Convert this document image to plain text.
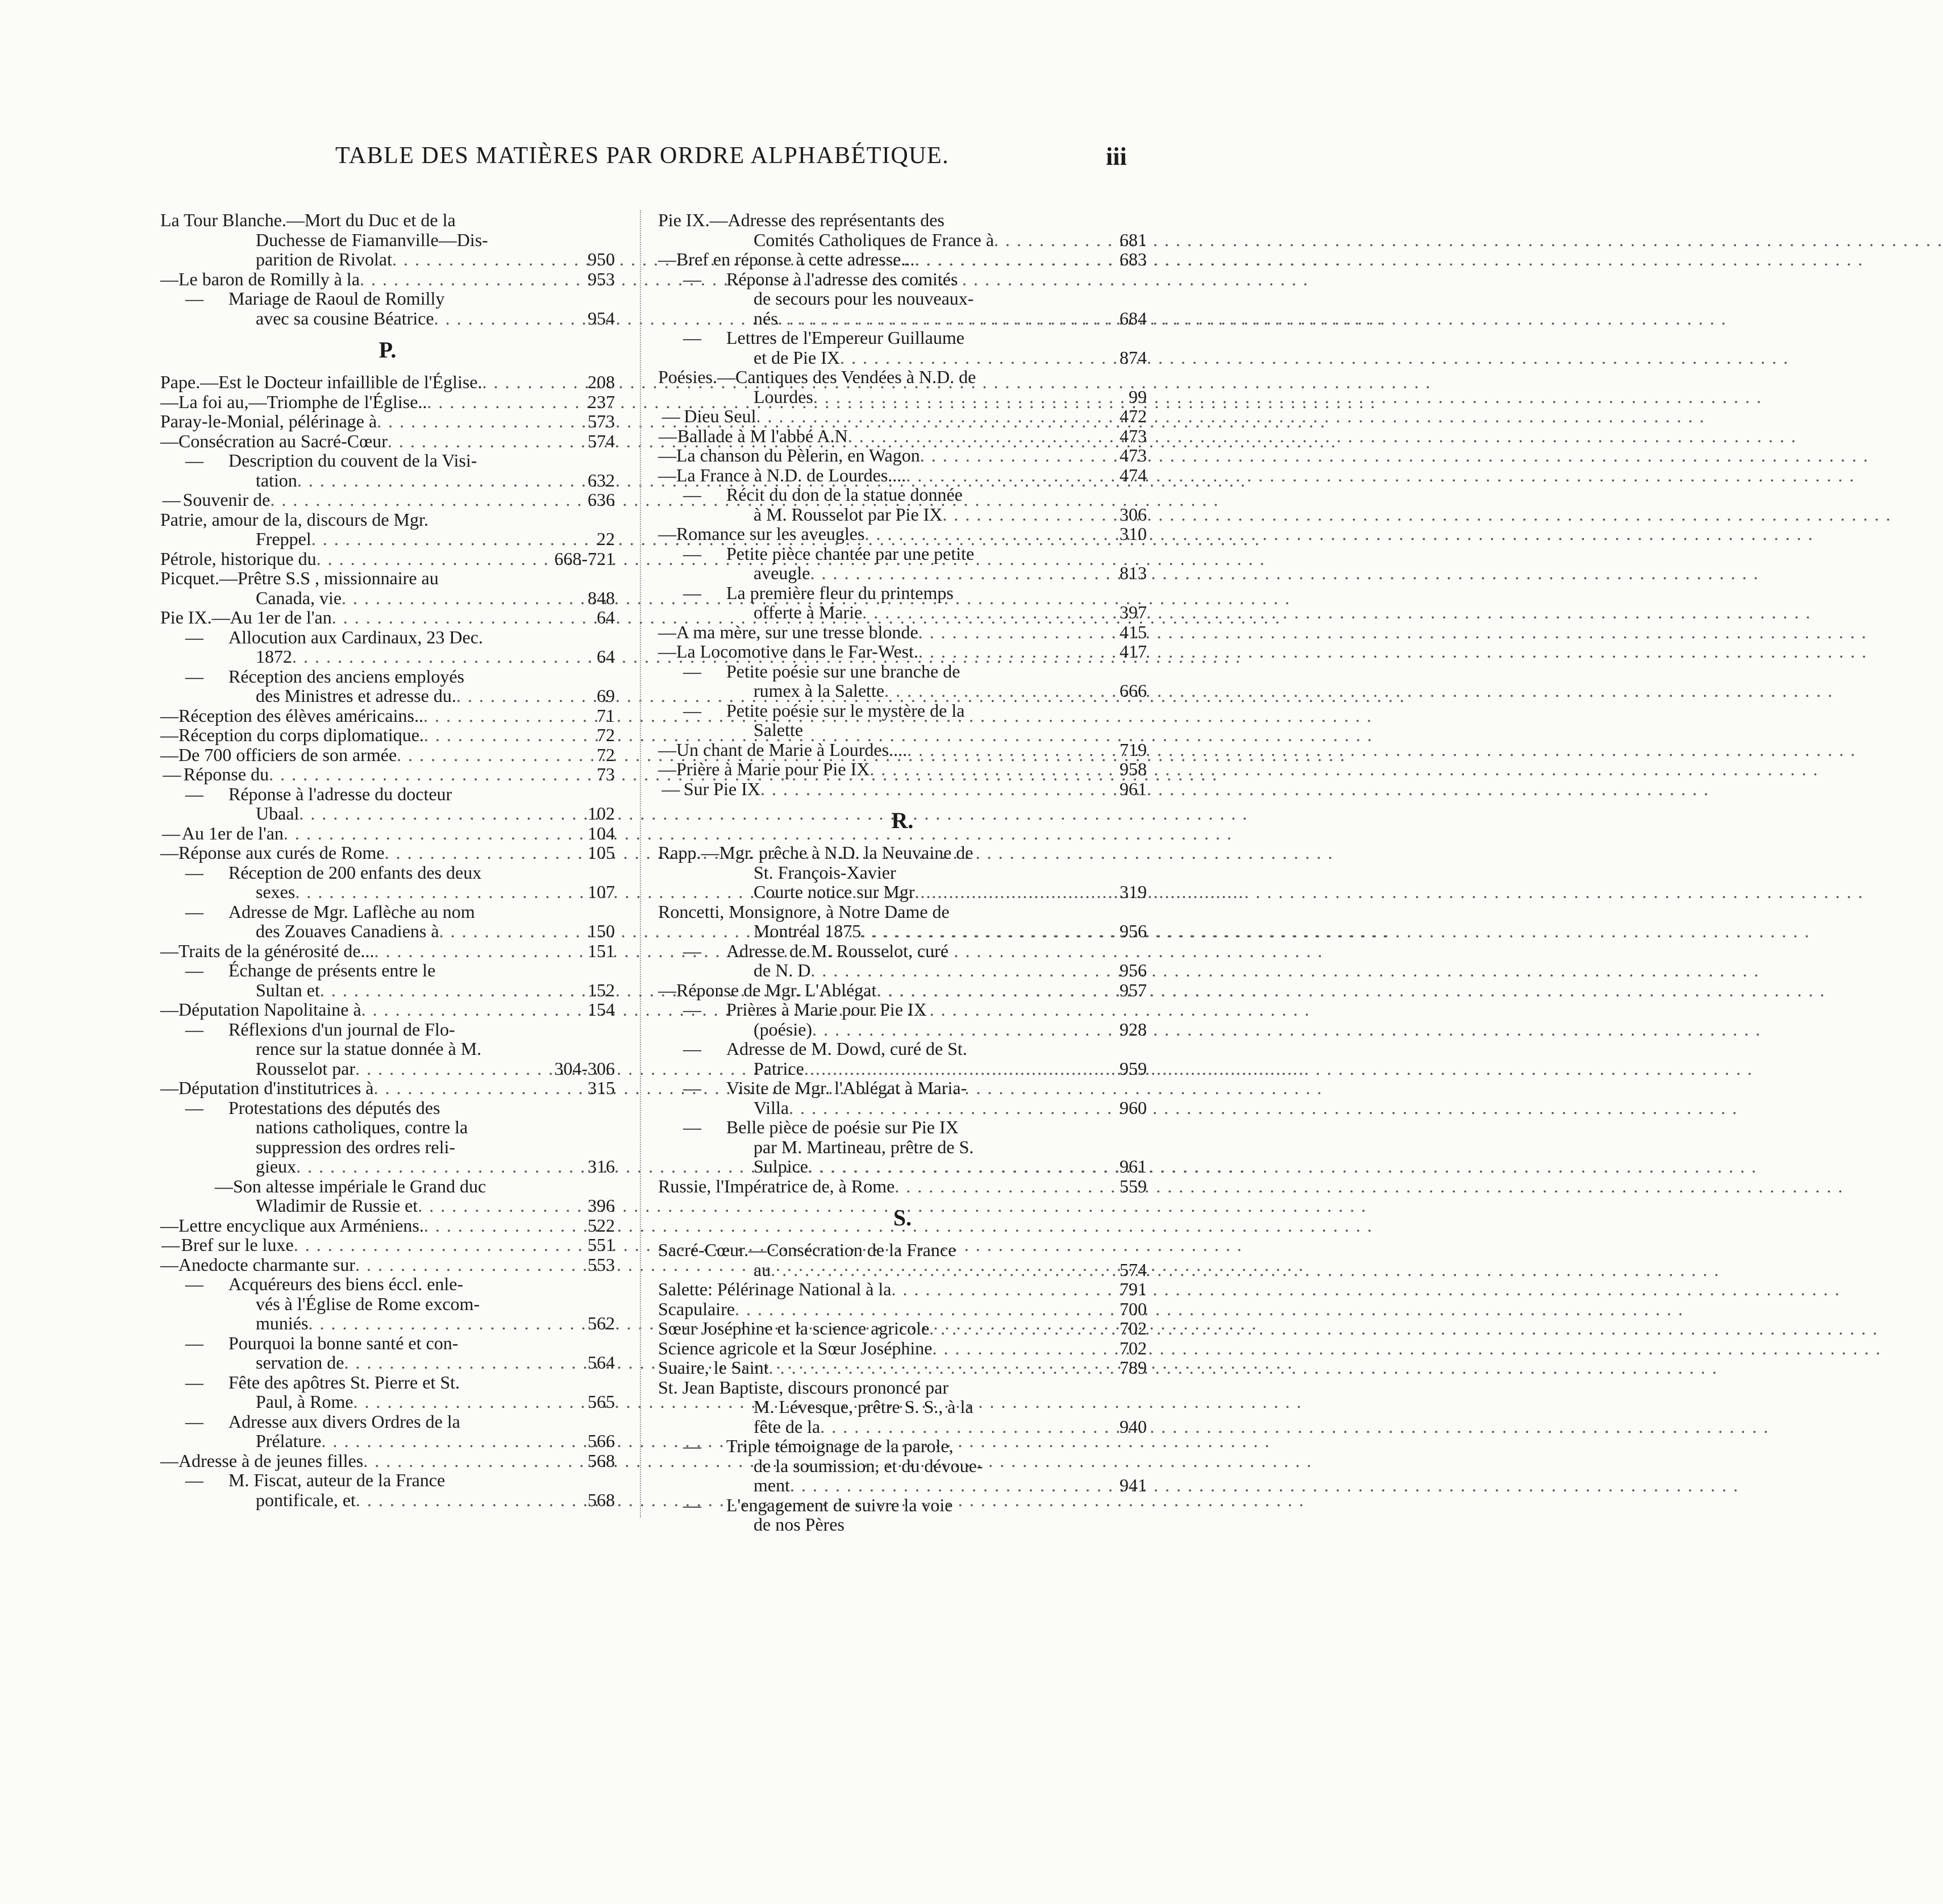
TABLE DES MATIÈRES PAR ORDRE ALPHABÉTIQUE.	iii
La Tour Blanche.—Mort du Duc et de la
Duchesse de Fiamanville—Dis-
parition de Rivolat . . .	950
— Le baron de Romilly à la . . .	953
—	Mariage de Raoul de Romilly
avec sa cousine Béatrice . . .	954
P.
Pape.—Est le Docteur infaillible de l'Église. . . .	208
— La foi au,—Triomphe de l'Église.. . . .	237
Paray-le-Monial, pélérinage à . . .	573
— Consécration au Sacré-Cœur . . .	574
—	Description du couvent de la Visi-
tation . . .	632
— Souvenir de . . .	636
Patrie, amour de la, discours de Mgr.
Freppel . . .	22
Pétrole, historique du . . .	668-721
Picquet.—Prêtre S.S , missionnaire au
Canada, vie . . .	848
Pie IX.—Au 1er de l'an . . .	64
—	Allocution aux Cardinaux, 23 Dec.
1872 . . .	64
—	Réception des anciens employés
des Ministres et adresse du. . . .	69
— Réception des élèves américains.. . . .	71
— Réception du corps diplomatique. . . .	72
— De 700 officiers de son armée . . .	72
— Réponse du . . .	73
—	Réponse à l'adresse du docteur
Ubaal . . .	102
— Au 1er de l'an . . .	104
— Réponse aux curés de Rome . . .	105
—	Réception de 200 enfants des deux
sexes . . .	107
—	Adresse de Mgr. Laflèche au nom
des Zouaves Canadiens à . . .	150
— Traits de la générosité de... . . .	151
—	Échange de présents entre le
Sultan et . . .	152
— Députation Napolitaine à . . .	154
—	Réflexions d'un journal de Flo-
rence sur la statue donnée à M.
Rousselot par . . .	304-306
— Députation d'institutrices à . . .	315
—	Protestations des députés des
nations catholiques, contre la
suppression des ordres reli-
gieux . . .	316
—Son altesse impériale le Grand duc
Wladimir de Russie et . . .	396
— Lettre encyclique aux Arméniens. . . .	522
— Bref sur le luxe . . .	551
— Anedocte charmante sur . . .	553
—	Acquéreurs des biens éccl. enle-
vés à l'Église de Rome excom-
muniés . . .	562
—	Pourquoi la bonne santé et con-
servation de . . .	564
—	Fête des apôtres St. Pierre et St.
Paul, à Rome . . .	565
—	Adresse aux divers Ordres de la
Prélature . . .	566
— Adresse à de jeunes filles . . .	568
—	M. Fiscat, auteur de la France
pontificale, et . . .	568
Pie IX.—Adresse des représentants des
Comités Catholiques de France à . . .	681
— Bref en réponse à cette adresse... . . .	683
—	Réponse à l'adresse des comités
de secours pour les nouveaux-
nés . . .	684
—	Lettres de l'Empereur Guillaume
et de Pie IX . . .	874
Poésies.—Cantiques des Vendées à N.D. de
Lourdes . . .	99
— Dieu Seul . . .	472
— Ballade à M l'abbé A.N . . .	473
— La chanson du Pèlerin, en Wagon . . .	473
— La France à N.D. de Lourdes.... . . .	474
—	Récit du don de la statue donnée
à M. Rousselot par Pie IX . . .	306
— Romance sur les aveugles . . .	310
—	Petite pièce chantée par une petite
aveugle . . .	813
—	La première fleur du printemps
offerte à Marie . . .	397
— A ma mère, sur une tresse blonde . . .	415
— La Locomotive dans le Far-West. . . .	417
—	Petite poésie sur une branche de
rumex à la Salette . . .	666
—	Petite poésie sur le mystère de la
Salette
— Un chant de Marie à Lourdes.... . . .	719
— Prière à Marie pour Pie IX . . .	958
— Sur Pie IX . . .	961
R.
Rapp.—Mgr. prêche à N.D. la Neuvaine de
St. François-Xavier
Courte notice sur Mgr . . .	319
Roncetti, Monsignore, à Notre Dame de
Montréal 1875 . . .	956
—	Adresse de M. Rousselot, curé
de N. D . . .	956
— Réponse de Mgr. L'Ablégat . . .	957
—	Prières à Marie pour Pie IX
(poésie) . . .	928
—	Adresse de M. Dowd, curé de St.
Patrice . . .	959
—	Visite de Mgr. l'Ablégat à Maria-
Villa . . .	960
—	Belle pièce de poésie sur Pie IX
par M. Martineau, prêtre de S.
Sulpice . . .	961
Russie, l'Impératrice de, à Rome . . .	559
S.
Sacré-Cœur.—Consécration de la France
au . . .	574
Salette: Pélérinage National à la . . .	791
Scapulaire . . .	700
Sœur Joséphine et la science agricole . . .	702
Science agricole et la Sœur Joséphine . . .	702
Suaire, le Saint . . .	789
St. Jean Baptiste, discours prononcé par
M. Lévesque, prêtre S. S., à la
fête de la . . .	940
—	Triple témoignage de la parole,
de la soumission, et du dévoue-
ment . . .	941
—	L'engagement de suivre la voie
de nos Pères
